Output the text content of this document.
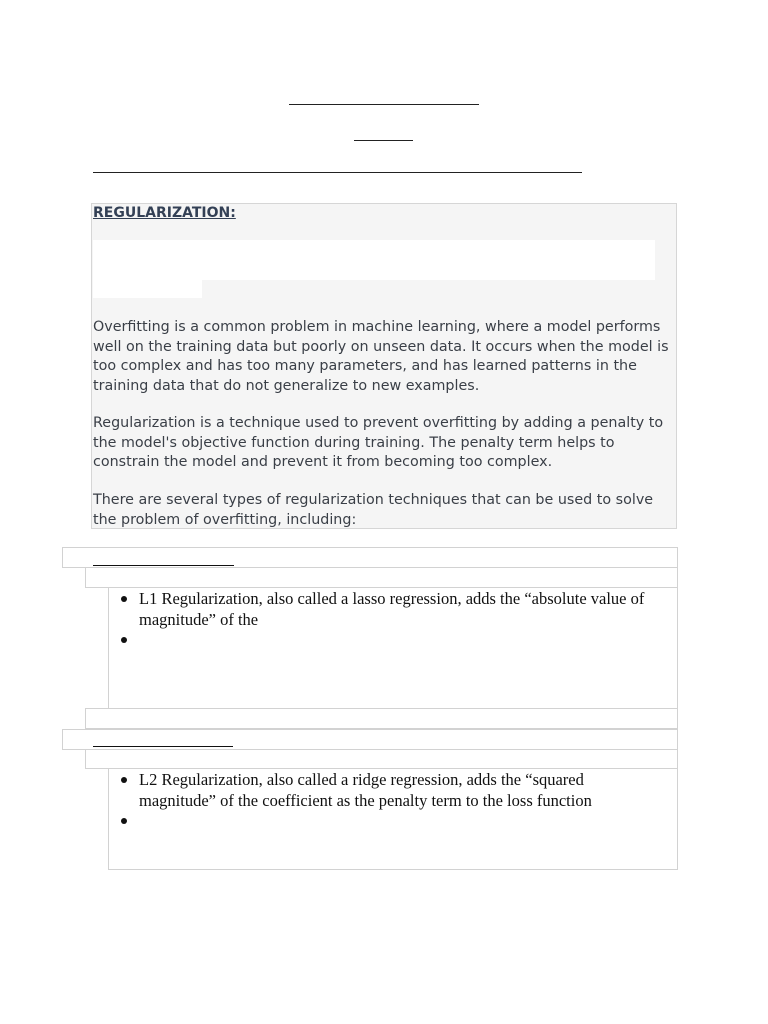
REGULARIZATION:

Overfitting is a common problem in machine learning, where a model performs well on the training data but poorly on unseen data. It occurs when the model is too complex and has too many parameters, and has learned patterns in the training data that do not generalize to new examples.

Regularization is a technique used to prevent overfitting by adding a penalty to the model's objective function during training. The penalty term helps to constrain the model and prevent it from becoming too complex.

There are several types of regularization techniques that can be used to solve the problem of overfitting, including:

L1 Regularization, also called a lasso regression, adds the “absolute value of magnitude” of the
L2 Regularization, also called a ridge regression, adds the “squared magnitude” of the coefficient as the penalty term to the loss function
